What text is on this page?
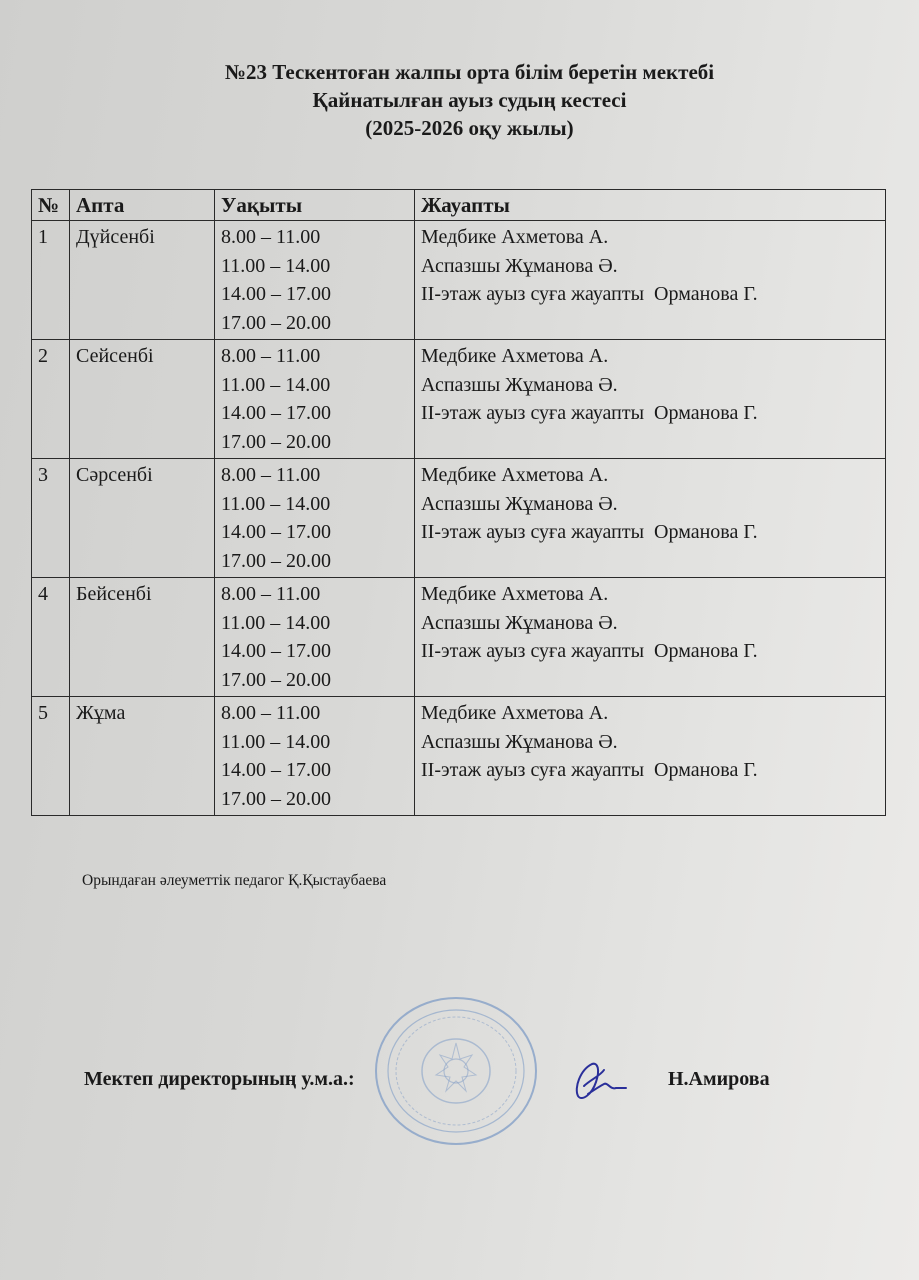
№23 Тескентоған жалпы орта білім беретін мектебі
Қайнатылған ауыз судың кестесі
(2025-2026 оқу жылы)
№	Апта	Уақыты	Жауапты
1	Дүйсенбі	8.00 – 11.00
11.00 – 14.00
14.00 – 17.00
17.00 – 20.00	Медбике Ахметова А.
Аспазшы Жұманова Ә.
II-этаж ауыз суға жауапты  Орманова Г.

2	Сейсенбі	8.00 – 11.00
11.00 – 14.00
14.00 – 17.00
17.00 – 20.00	Медбике Ахметова А.
Аспазшы Жұманова Ә.
II-этаж ауыз суға жауапты  Орманова Г.

3	Сәрсенбі	8.00 – 11.00
11.00 – 14.00
14.00 – 17.00
17.00 – 20.00	Медбике Ахметова А.
Аспазшы Жұманова Ә.
II-этаж ауыз суға жауапты  Орманова Г.

4	Бейсенбі	8.00 – 11.00
11.00 – 14.00
14.00 – 17.00
17.00 – 20.00	Медбике Ахметова А.
Аспазшы Жұманова Ә.
II-этаж ауыз суға жауапты  Орманова Г.

5	Жұма	8.00 – 11.00
11.00 – 14.00
14.00 – 17.00
17.00 – 20.00	Медбике Ахметова А.
Аспазшы Жұманова Ә.
II-этаж ауыз суға жауапты  Орманова Г.
Орындаған әлеуметтік педагог Қ.Қыстаубаева
Мектеп директорының у.м.а.:	Н.Амирова
